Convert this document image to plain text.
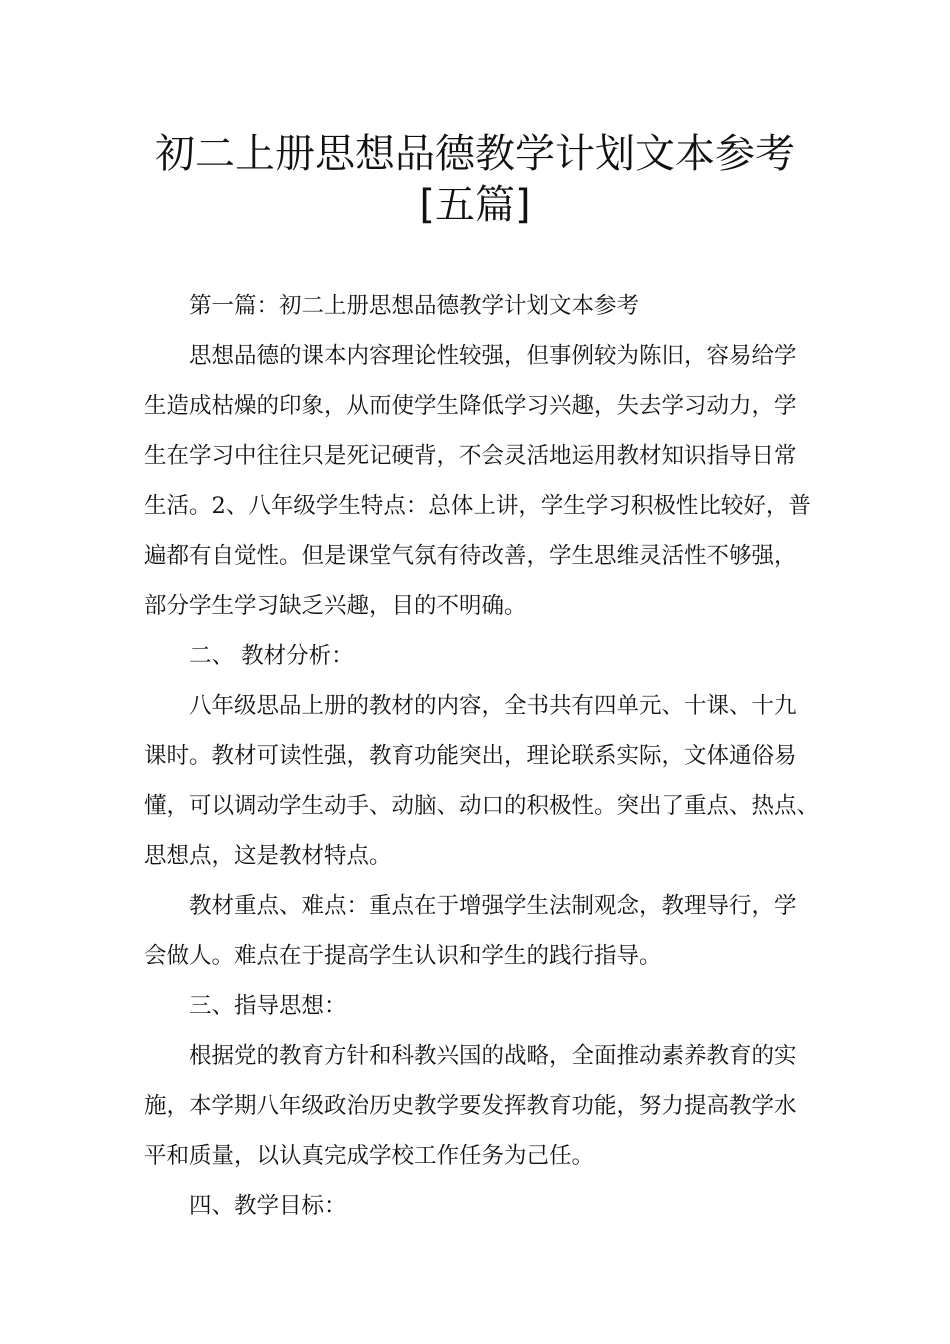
初二上册思想品德教学计划文本参考
[五篇]
第一篇：初二上册思想品德教学计划文本参考
思想品德的课本内容理论性较强，但事例较为陈旧，容易给学
生造成枯燥的印象，从而使学生降低学习兴趣，失去学习动力，学
生在学习中往往只是死记硬背，不会灵活地运用教材知识指导日常
生活。2、八年级学生特点：总体上讲，学生学习积极性比较好，普
遍都有自觉性。但是课堂气氛有待改善，学生思维灵活性不够强，
部分学生学习缺乏兴趣，目的不明确。
二、 教材分析：
八年级思品上册的教材的内容，全书共有四单元、十课、十九
课时。教材可读性强，教育功能突出，理论联系实际，文体通俗易
懂，可以调动学生动手、动脑、动口的积极性。突出了重点、热点、
思想点，这是教材特点。
教材重点、难点：重点在于增强学生法制观念，教理导行，学
会做人。难点在于提高学生认识和学生的践行指导。
三、指导思想：
根据党的教育方针和科教兴国的战略，全面推动素养教育的实
施，本学期八年级政治历史教学要发挥教育功能，努力提高教学水
平和质量，以认真完成学校工作任务为己任。
四、教学目标：
